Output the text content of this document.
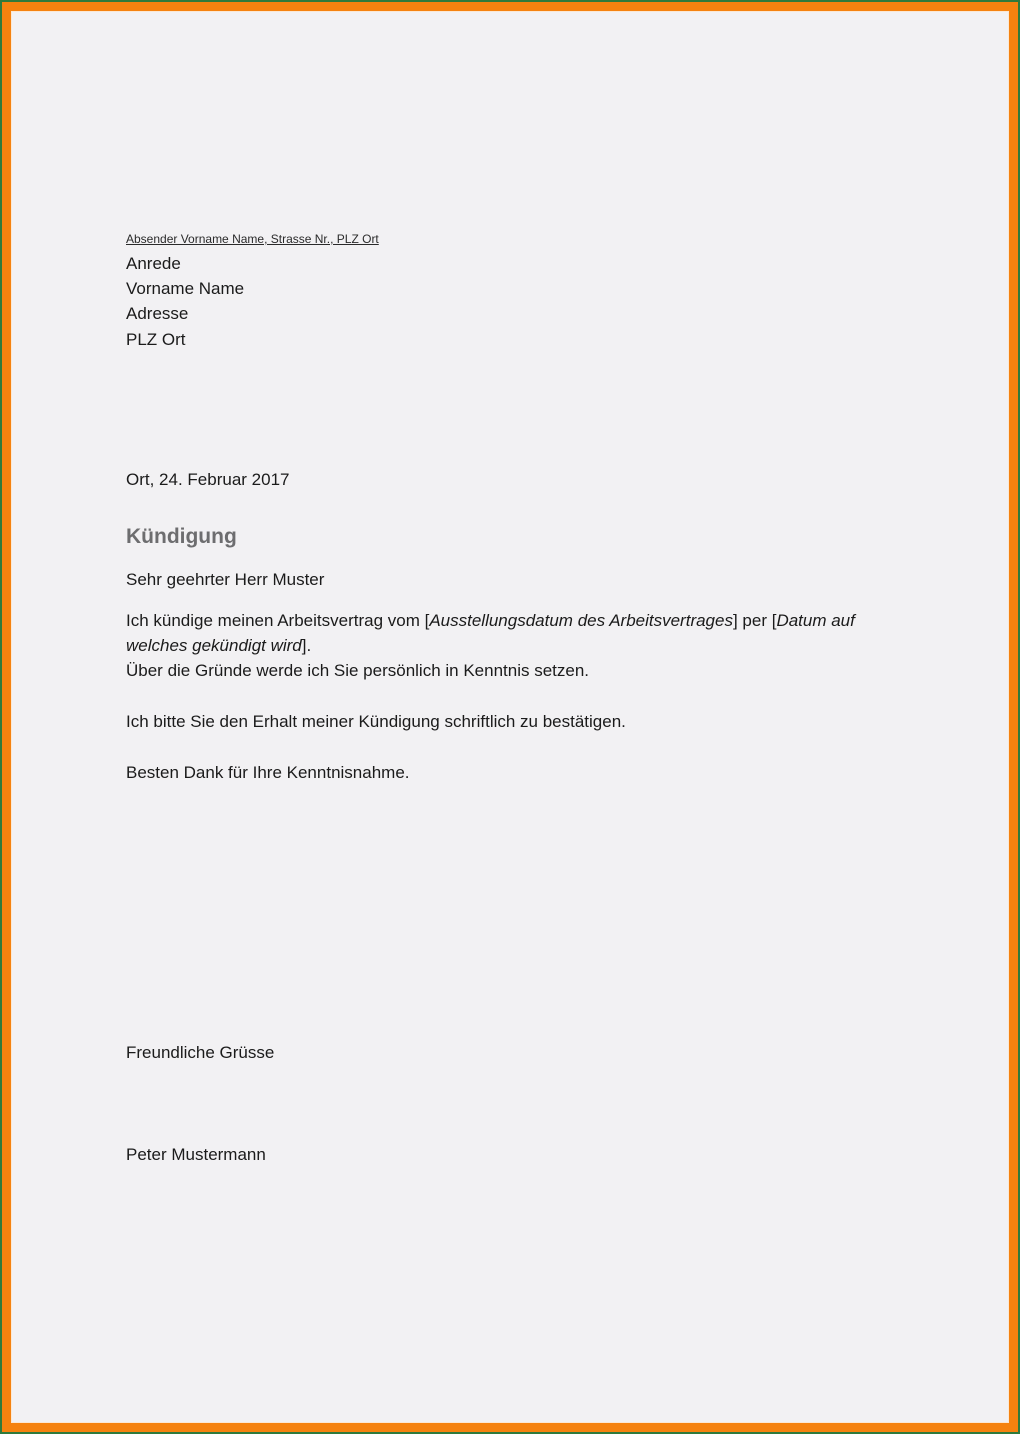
Absender Vorname Name, Strasse Nr., PLZ Ort
Anrede
Vorname Name
Adresse
PLZ Ort
Ort, 24. Februar 2017
Kündigung
Sehr geehrter Herr Muster
Ich kündige meinen Arbeitsvertrag vom [Ausstellungsdatum des Arbeitsvertrages] per [Datum auf welches gekündigt wird].
Über die Gründe werde ich Sie persönlich in Kenntnis setzen.
Ich bitte Sie den Erhalt meiner Kündigung schriftlich zu bestätigen.
Besten Dank für Ihre Kenntnisnahme.
Freundliche Grüsse
Peter Mustermann
